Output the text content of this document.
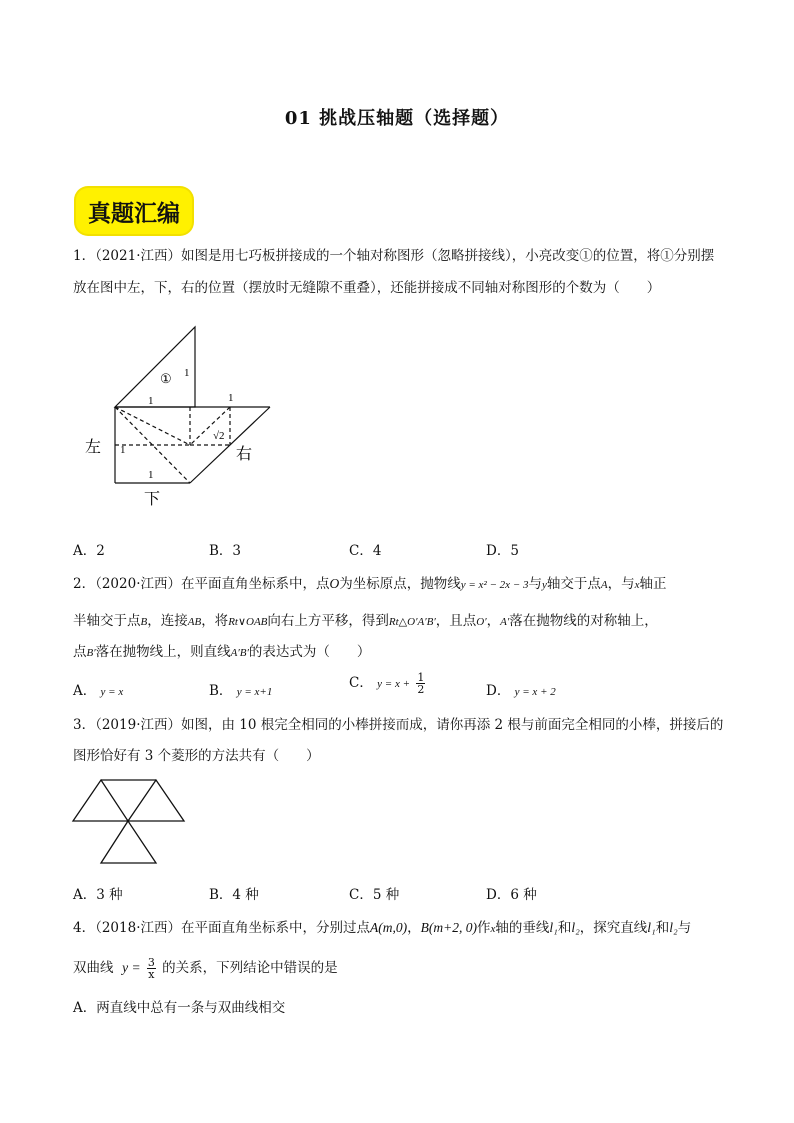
01 挑战压轴题（选择题）
真题汇编
1．（2021·江西）如图是用七巧板拼接成的一个轴对称图形（忽略拼接线），小亮改变①的位置，将①分别摆
放在图中左，下，右的位置（摆放时无缝隙不重叠），还能拼接成不同轴对称图形的个数为（　　）
① 1
1	1
√2
1
1
左	右
下
A．2	B．3	C．4	D．5
2．（2020·江西）在平面直角坐标系中，点O为坐标原点，抛物线y = x² − 2x − 3与y轴交于点A，与x轴正
半轴交于点B，连接AB，将Rt∨OAB向右上方平移，得到Rt△O′A′B′，且点O′，A′落在抛物线的对称轴上，
点B′落在抛物线上，则直线A′B′的表达式为（　　）
A． y = x	B． y = x+1
C． $y = x + \frac{1}{2}$	D． y = x + 2
3．（2019·江西）如图，由 10 根完全相同的小棒拼接而成，请你再添 2 根与前面完全相同的小棒，拼接后的
图形恰好有 3 个菱形的方法共有（　　）
A．3 种	B．4 种	C．5 种	D．6 种
4．（2018·江西）在平面直角坐标系中，分别过点A(m,0)，B(m+2, 0)作x轴的垂线l₁和l₂，探究直线l₁和l₂与
双曲线 $y = \frac{3}{x}$ 的关系，下列结论中错误的是
A．两直线中总有一条与双曲线相交
